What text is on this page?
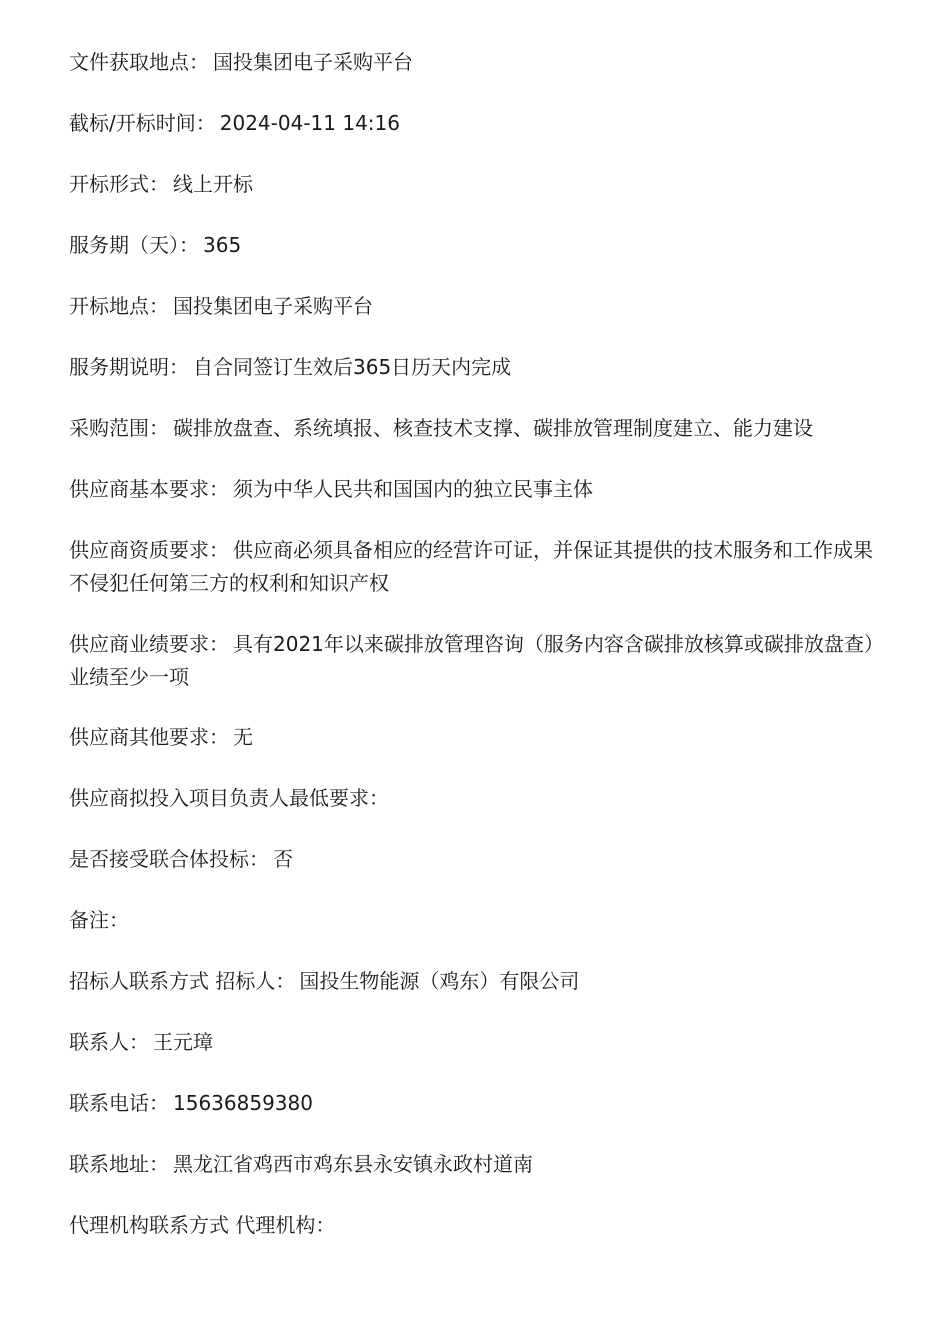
文件获取地点： 国投集团电子采购平台
截标/开标时间： 2024-04-11 14:16
开标形式： 线上开标
服务期（天）： 365
开标地点： 国投集团电子采购平台
服务期说明： 自合同签订生效后365日历天内完成
采购范围： 碳排放盘查、系统填报、核查技术支撑、碳排放管理制度建立、能力建设
供应商基本要求： 须为中华人民共和国国内的独立民事主体
供应商资质要求： 供应商必须具备相应的经营许可证，并保证其提供的技术服务和工作成果不侵犯任何第三方的权利和知识产权
供应商业绩要求： 具有2021年以来碳排放管理咨询（服务内容含碳排放核算或碳排放盘查）业绩至少一项
供应商其他要求： 无
供应商拟投入项目负责人最低要求：
是否接受联合体投标： 否
备注：
招标人联系方式 招标人： 国投生物能源（鸡东）有限公司
联系人： 王元璋
联系电话： 15636859380
联系地址： 黑龙江省鸡西市鸡东县永安镇永政村道南
代理机构联系方式 代理机构：
